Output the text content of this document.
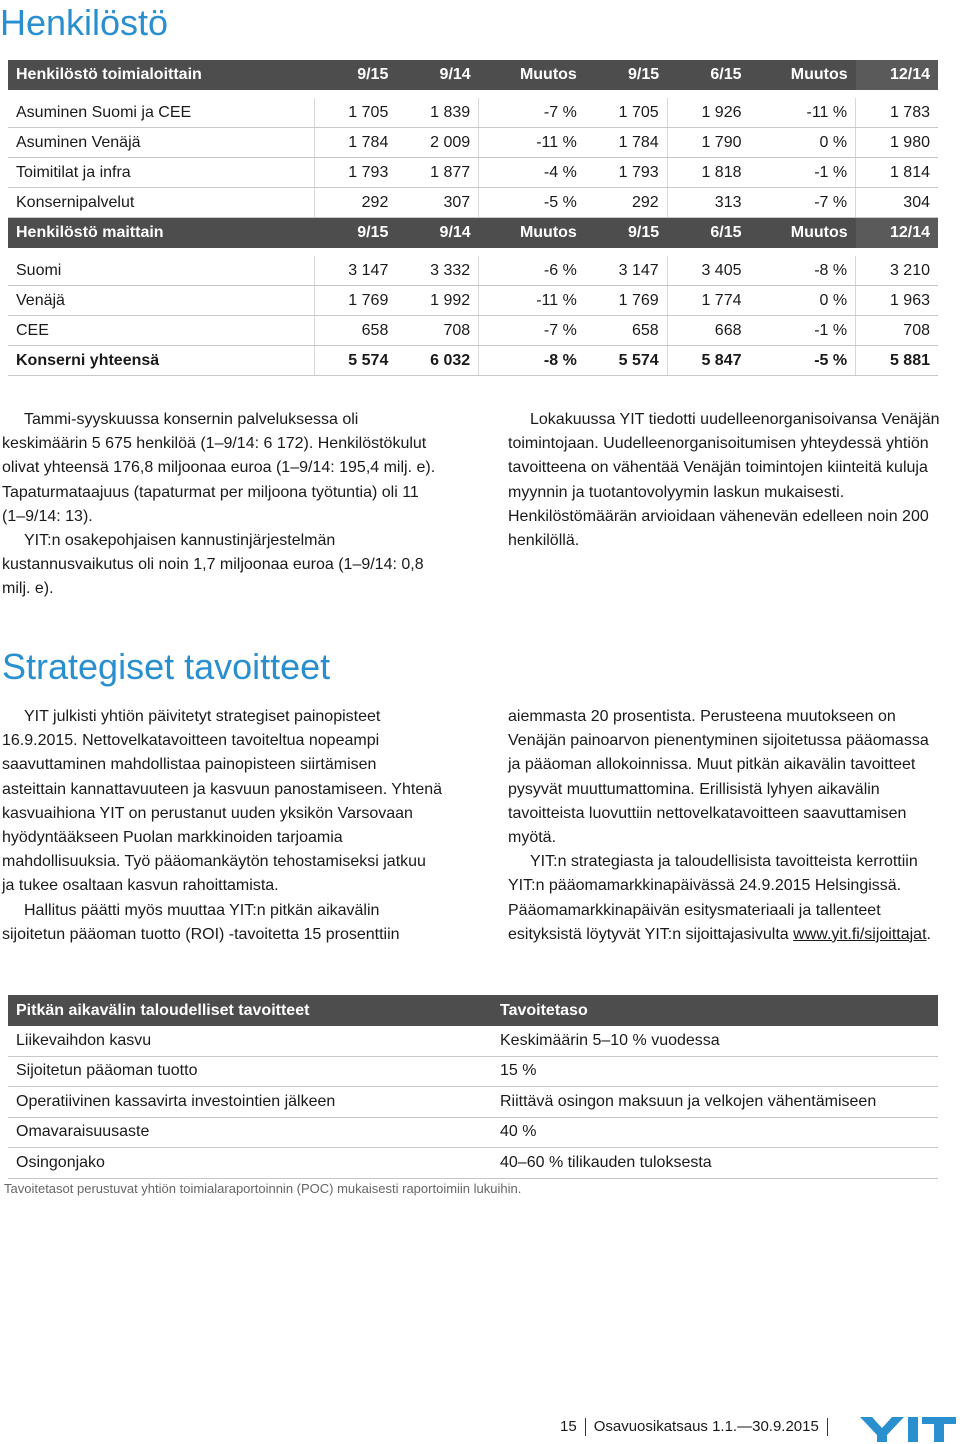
Henkilöstö
Henkilöstö toimialoittain	9/15	9/14	Muutos	9/15	6/15	Muutos	12/14

Asuminen Suomi ja CEE	1 705	1 839	-7 %	1 705	1 926	-11 %	1 783
Asuminen Venäjä	1 784	2 009	-11 %	1 784	1 790	0 %	1 980
Toimitilat ja infra	1 793	1 877	-4 %	1 793	1 818	-1 %	1 814
Konsernipalvelut	292	307	-5 %	292	313	-7 %	304
Henkilöstö maittain	9/15	9/14	Muutos	9/15	6/15	Muutos	12/14

Suomi	3 147	3 332	-6 %	3 147	3 405	-8 %	3 210
Venäjä	1 769	1 992	-11 %	1 769	1 774	0 %	1 963
CEE	658	708	-7 %	658	668	-1 %	708
Konserni yhteensä	5 574	6 032	-8 %	5 574	5 847	-5 %	5 881

Tammi-syyskuussa konsernin palveluksessa oli keskimäärin 5 675 henkilöä (1–9/14: 6 172). Henkilöstökulut olivat yhteensä 176,8 miljoonaa euroa (1–9/14: 195,4 milj. e). Tapaturmataajuus (tapaturmat per miljoona työtuntia) oli 11 (1–9/14: 13).

YIT:n osakepohjaisen kannustinjärjestelmän kustannusvaikutus oli noin 1,7 miljoonaa euroa (1–9/14: 0,8 milj. e).

Lokakuussa YIT tiedotti uudelleenorganisoivansa Venäjän toimintojaan. Uudelleenorganisoitumisen yhteydessä yhtiön tavoitteena on vähentää Venäjän toimintojen kiinteitä kuluja myynnin ja tuotantovolyymin laskun mukaisesti. Henkilöstömäärän arvioidaan vähenevän edelleen noin 200 henkilöllä.

Strategiset tavoitteet

YIT julkisti yhtiön päivitetyt strategiset painopisteet 16.9.2015. Nettovelkatavoitteen tavoiteltua nopeampi saavuttaminen mahdollistaa painopisteen siirtämisen asteittain kannattavuuteen ja kasvuun panostamiseen. Yhtenä kasvuaihiona YIT on perustanut uuden yksikön Varsovaan hyödyntääkseen Puolan markkinoiden tarjoamia mahdollisuuksia. Työ pääomankäytön tehostamiseksi jatkuu ja tukee osaltaan kasvun rahoittamista.

Hallitus päätti myös muuttaa YIT:n pitkän aikavälin sijoitetun pääoman tuotto (ROI) -tavoitetta 15 prosenttiin

aiemmasta 20 prosentista. Perusteena muutokseen on Venäjän painoarvon pienentyminen sijoitetussa pääomassa ja pääoman allokoinnissa. Muut pitkän aikavälin tavoitteet pysyvät muuttumattomina. Erillisistä lyhyen aikavälin tavoitteista luovuttiin nettovelkatavoitteen saavuttamisen myötä.

YIT:n strategiasta ja taloudellisista tavoitteista kerrottiin YIT:n pääomamarkkinapäivässä 24.9.2015 Helsingissä. Pääomamarkkinapäivän esitysmateriaali ja tallenteet esityksistä löytyvät YIT:n sijoittajasivulta www.yit.fi/sijoittajat.

Pitkän aikavälin taloudelliset tavoitteet	Tavoitetaso
Liikevaihdon kasvu	Keskimäärin 5–10 % vuodessa
Sijoitetun pääoman tuotto	15 %
Operatiivinen kassavirta investointien jälkeen	Riittävä osingon maksuun ja velkojen vähentämiseen
Omavaraisuusaste	40 %
Osingonjako	40–60 % tilikauden tuloksesta
Tavoitetasot perustuvat yhtiön toimialaraportoinnin (POC) mukaisesti raportoimiin lukuihin.
15 Osavuosikatsaus 1.1.—30.9.2015
